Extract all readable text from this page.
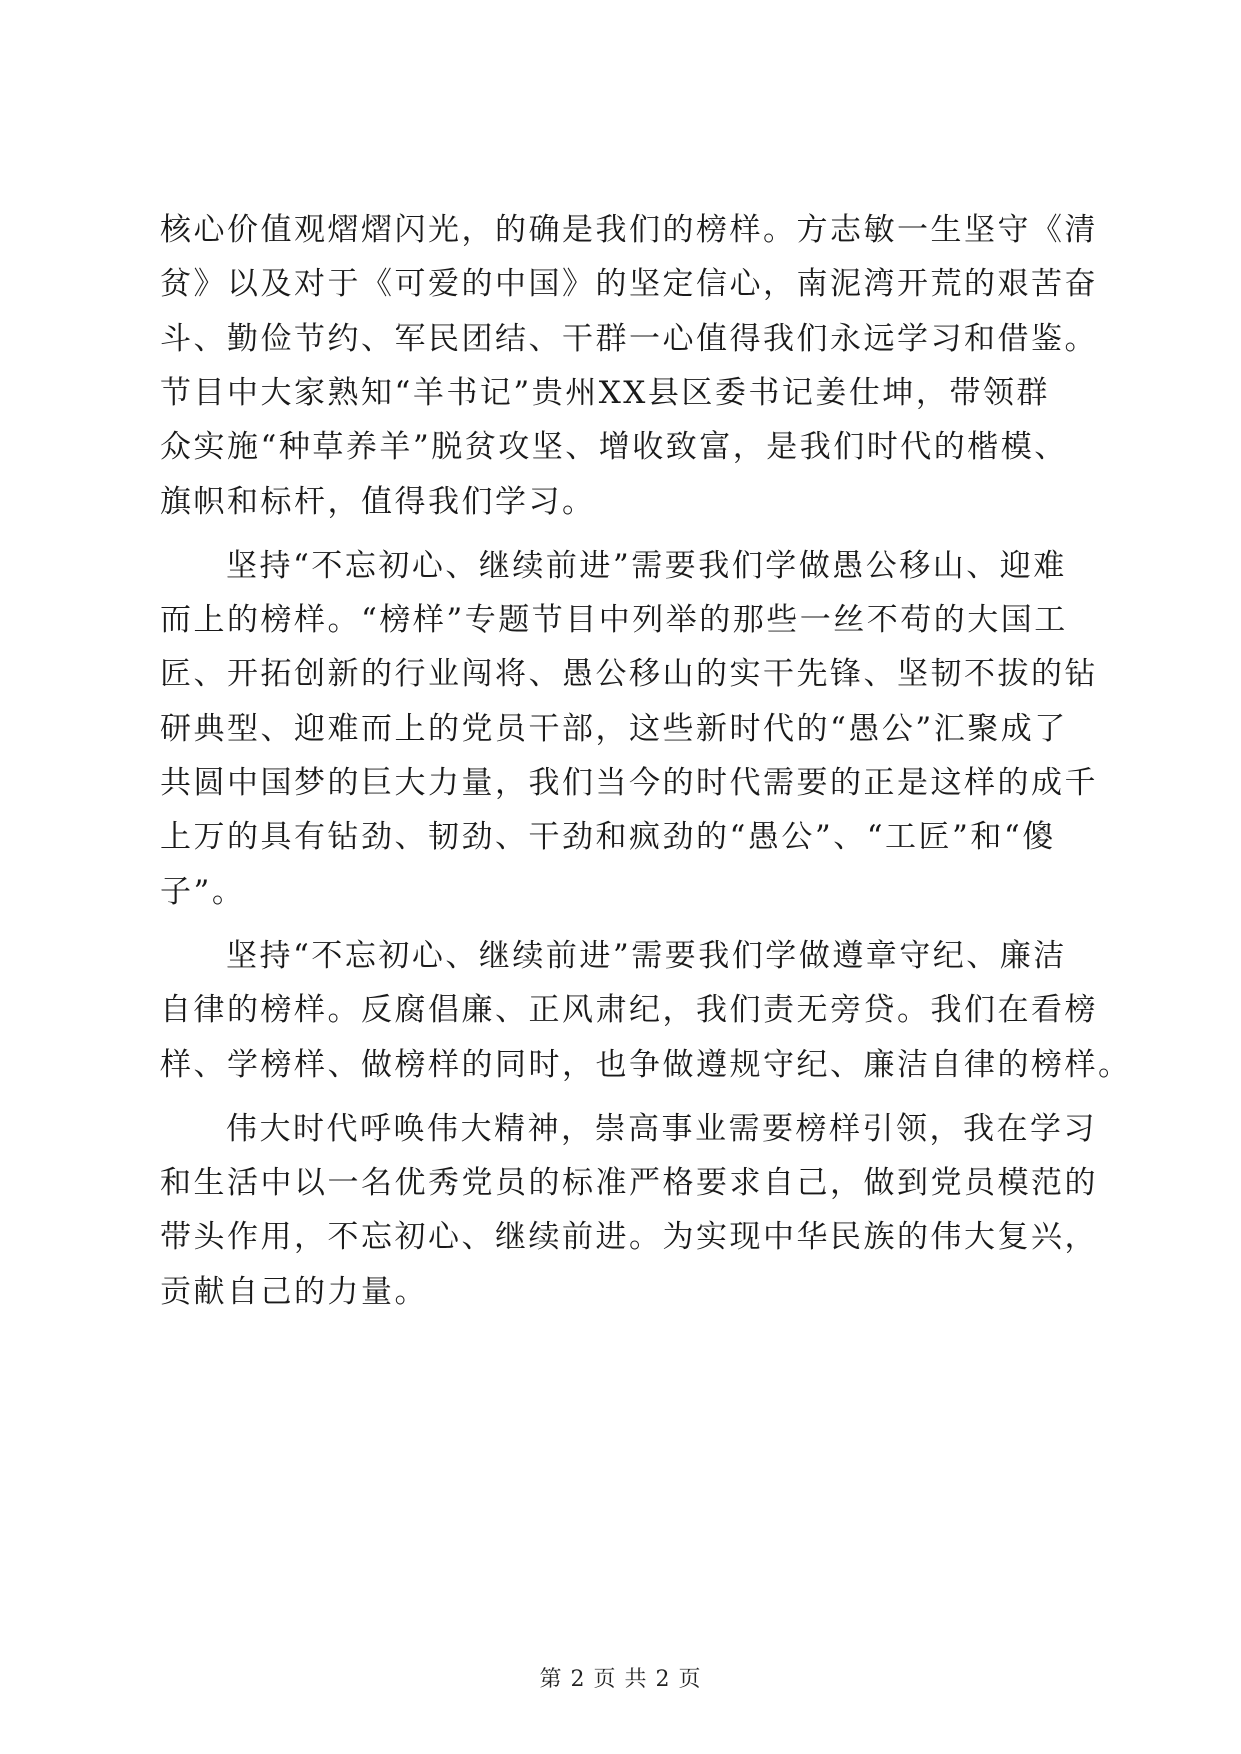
核心价值观熠熠闪光，的确是我们的榜样。方志敏一生坚守《清
贫》以及对于《可爱的中国》的坚定信心，南泥湾开荒的艰苦奋
斗、勤俭节约、军民团结、干群一心值得我们永远学习和借鉴。
节目中大家熟知“羊书记”贵州XX县区委书记姜仕坤，带领群
众实施“种草养羊”脱贫攻坚、增收致富，是我们时代的楷模、
旗帜和标杆，值得我们学习。
坚持“不忘初心、继续前进”需要我们学做愚公移山、迎难
而上的榜样。“榜样”专题节目中列举的那些一丝不苟的大国工
匠、开拓创新的行业闯将、愚公移山的实干先锋、坚韧不拔的钻
研典型、迎难而上的党员干部，这些新时代的“愚公”汇聚成了
共圆中国梦的巨大力量，我们当今的时代需要的正是这样的成千
上万的具有钻劲、韧劲、干劲和疯劲的“愚公”、“工匠”和“傻
子”。
坚持“不忘初心、继续前进”需要我们学做遵章守纪、廉洁
自律的榜样。反腐倡廉、正风肃纪，我们责无旁贷。我们在看榜
样、学榜样、做榜样的同时，也争做遵规守纪、廉洁自律的榜样。
伟大时代呼唤伟大精神，崇高事业需要榜样引领，我在学习
和生活中以一名优秀党员的标准严格要求自己，做到党员模范的
带头作用，不忘初心、继续前进。为实现中华民族的伟大复兴，
贡献自己的力量。
第 2 页 共 2 页
